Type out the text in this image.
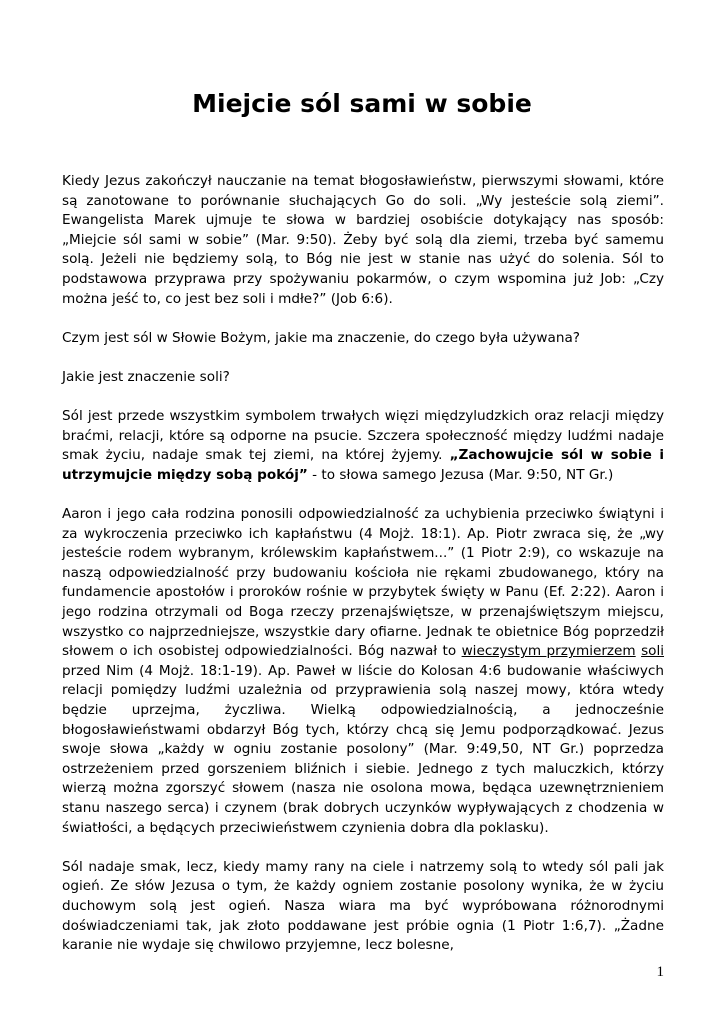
Miejcie sól sami w sobie

Kiedy Jezus zakończył nauczanie na temat błogosławieństw, pierwszymi słowami, które są zanotowane to porównanie słuchających Go do soli. „Wy jesteście solą ziemi”. Ewangelista Marek ujmuje te słowa w bardziej osobiście dotykający nas sposób: „Miejcie sól sami w sobie” (Mar. 9:50). Żeby być solą dla ziemi, trzeba być samemu solą. Jeżeli nie będziemy solą, to Bóg nie jest w stanie nas użyć do solenia. Sól to podstawowa przyprawa przy spożywaniu pokarmów, o czym wspomina już Job: „Czy można jeść to, co jest bez soli i mdłe?” (Job 6:6).

Czym jest sól w Słowie Bożym, jakie ma znaczenie, do czego była używana?

Jakie jest znaczenie soli?

Sól jest przede wszystkim symbolem trwałych więzi międzyludzkich oraz relacji między braćmi, relacji, które są odporne na psucie. Szczera społeczność między ludźmi nadaje smak życiu, nadaje smak tej ziemi, na której żyjemy. „Zachowujcie sól w sobie i utrzymujcie między sobą pokój” - to słowa samego Jezusa (Mar. 9:50, NT Gr.)

Aaron i jego cała rodzina ponosili odpowiedzialność za uchybienia przeciwko świątyni i za wykroczenia przeciwko ich kapłaństwu (4 Mojż. 18:1). Ap. Piotr zwraca się, że „wy jesteście rodem wybranym, królewskim kapłaństwem...” (1 Piotr 2:9), co wskazuje na naszą odpowiedzialność przy budowaniu kościoła nie rękami zbudowanego, który na fundamencie apostołów i proroków rośnie w przybytek święty w Panu (Ef. 2:22). Aaron i jego rodzina otrzymali od Boga rzeczy przenajświętsze, w przenajświętszym miejscu, wszystko co najprzedniejsze, wszystkie dary ofiarne. Jednak te obietnice Bóg poprzedził słowem o ich osobistej odpowiedzialności. Bóg nazwał to wieczystym przymierzem soli przed Nim (4 Mojż. 18:1-19). Ap. Paweł w liście do Kolosan 4:6 budowanie właściwych relacji pomiędzy ludźmi uzależnia od przyprawienia solą naszej mowy, która wtedy będzie uprzejma, życzliwa. Wielką odpowiedzialnością, a jednocześnie błogosławieństwami obdarzył Bóg tych, którzy chcą się Jemu podporządkować. Jezus swoje słowa „każdy w ogniu zostanie posolony” (Mar. 9:49,50, NT Gr.) poprzedza ostrzeżeniem przed gorszeniem bliźnich i siebie. Jednego z tych maluczkich, którzy wierzą można zgorszyć słowem (nasza nie osolona mowa, będąca uzewnętrznieniem stanu naszego serca) i czynem (brak dobrych uczynków wypływających z chodzenia w światłości, a będących przeciwieństwem czynienia dobra dla poklasku).

Sól nadaje smak, lecz, kiedy mamy rany na ciele i natrzemy solą to wtedy sól pali jak ogień. Ze słów Jezusa o tym, że każdy ogniem zostanie posolony wynika, że w życiu duchowym solą jest ogień. Nasza wiara ma być wypróbowana różnorodnymi doświadczeniami tak, jak złoto poddawane jest próbie ognia (1 Piotr 1:6,7). „Żadne karanie nie wydaje się chwilowo przyjemne, lecz bolesne,

1
